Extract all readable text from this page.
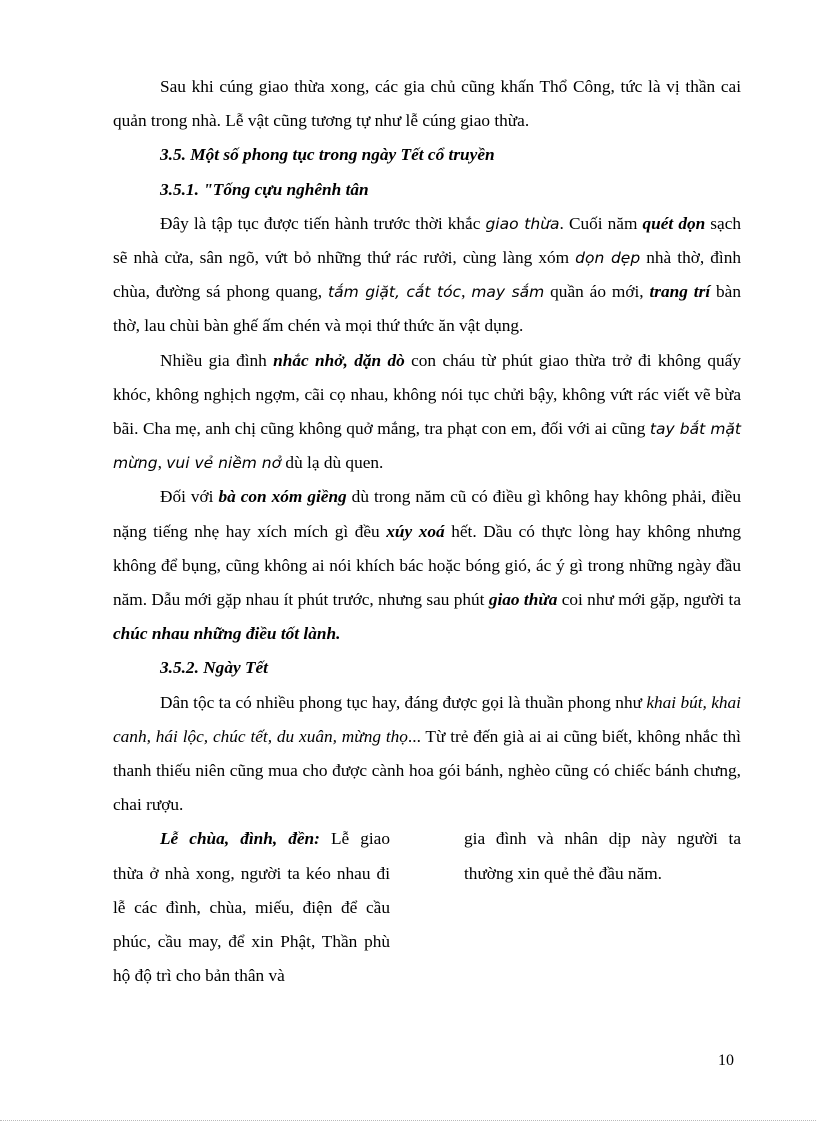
Sau khi cúng giao thừa xong, các gia chủ cũng khấn Thổ Công, tức là vị thần cai quản trong nhà. Lễ vật cũng tương tự như lễ cúng giao thừa.

3.5. Một số phong tục trong ngày Tết cổ truyền
3.5.1. "Tống cựu nghênh tân

Đây là tập tục được tiến hành trước thời khắc giao thừa. Cuối năm quét dọn sạch sẽ nhà cửa, sân ngõ, vứt bỏ những thứ rác rưởi, cùng làng xóm dọn dẹp nhà thờ, đình chùa, đường sá phong quang, tắm giặt, cắt tóc, may sắm quần áo mới, trang trí bàn thờ, lau chùi bàn ghế ấm chén và mọi thứ thức ăn vật dụng.

Nhiều gia đình nhắc nhở, dặn dò con cháu từ phút giao thừa trở đi không quấy khóc, không nghịch ngợm, cãi cọ nhau, không nói tục chửi bậy, không vứt rác viết vẽ bừa bãi. Cha mẹ, anh chị cũng không quở mắng, tra phạt con em, đối với ai cũng tay bắt mặt mừng, vui vẻ niềm nở dù lạ dù quen.

Đối với bà con xóm giềng dù trong năm cũ có điều gì không hay không phải, điều nặng tiếng nhẹ hay xích mích gì đều xúy xoá hết. Dầu có thực lòng hay không nhưng không để bụng, cũng không ai nói khích bác hoặc bóng gió, ác ý gì trong những ngày đầu năm. Dẫu mới gặp nhau ít phút trước, nhưng sau phút giao thừa coi như mới gặp, người ta chúc nhau những điều tốt lành.

3.5.2. Ngày Tết

Dân tộc ta có nhiều phong tục hay, đáng được gọi là thuần phong như khai bút, khai canh, hái lộc, chúc tết, du xuân, mừng thọ... Từ trẻ đến già ai ai cũng biết, không nhắc thì thanh thiếu niên cũng mua cho được cành hoa gói bánh, nghèo cũng có chiếc bánh chưng, chai rượu.

Lễ chùa, đình, đền: Lễ giao thừa ở nhà xong, người ta kéo nhau đi lễ các đình, chùa, miếu, điện để cầu phúc, cầu may, để xin Phật, Thần phù hộ độ trì cho bản thân và

gia đình và nhân dịp này người ta thường xin quẻ thẻ đầu năm.

10
